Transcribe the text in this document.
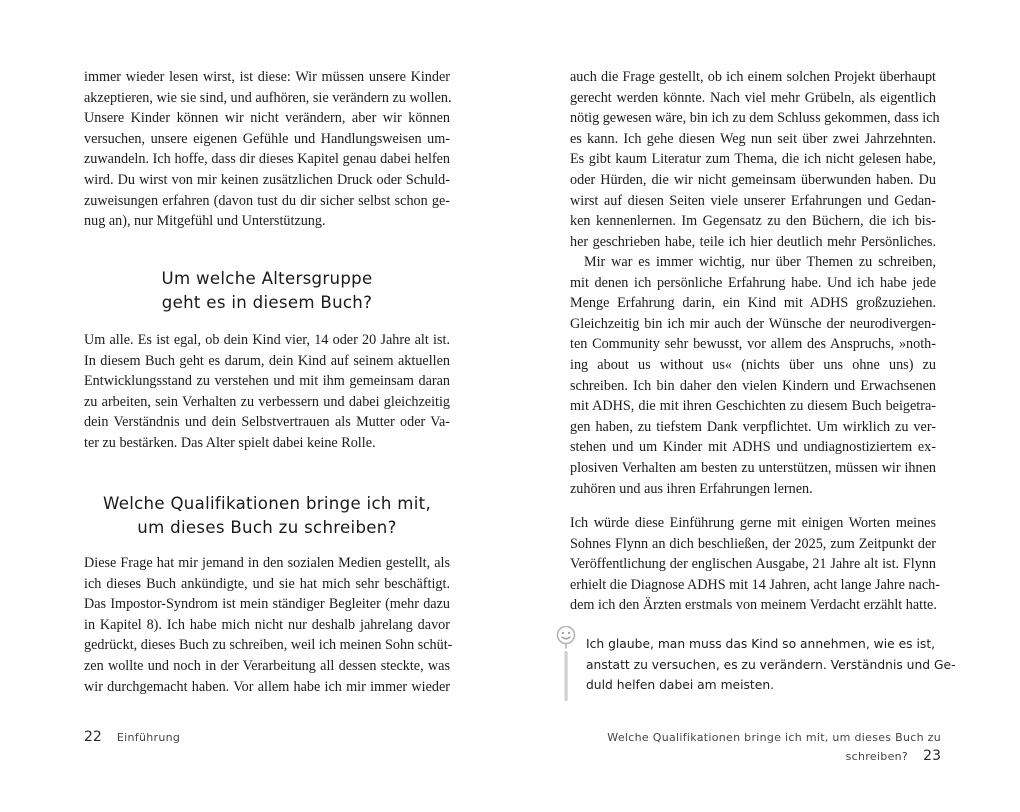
immer wieder lesen wirst, ist diese: Wir müssen unsere Kinder
akzeptieren, wie sie sind, und aufhören, sie verändern zu wollen.
Unsere Kinder können wir nicht verändern, aber wir können
versuchen, unsere eigenen Gefühle und Handlungsweisen um-
zuwandeln. Ich hoffe, dass dir dieses Kapitel genau dabei helfen
wird. Du wirst von mir keinen zusätzlichen Druck oder Schuld-
zuweisungen erfahren (davon tust du dir sicher selbst schon ge-
nug an), nur Mitgefühl und Unterstützung.
Um welche Altersgruppe
geht es in diesem Buch?
Um alle. Es ist egal, ob dein Kind vier, 14 oder 20 Jahre alt ist.
In diesem Buch geht es darum, dein Kind auf seinem aktuellen
Entwicklungsstand zu verstehen und mit ihm gemeinsam daran
zu arbeiten, sein Verhalten zu verbessern und dabei gleichzeitig
dein Verständnis und dein Selbstvertrauen als Mutter oder Va-
ter zu bestärken. Das Alter spielt dabei keine Rolle.
Welche Qualifikationen bringe ich mit,
um dieses Buch zu schreiben?
Diese Frage hat mir jemand in den sozialen Medien gestellt, als
ich dieses Buch ankündigte, und sie hat mich sehr beschäftigt.
Das Impostor-Syndrom ist mein ständiger Begleiter (mehr dazu
in Kapitel 8). Ich habe mich nicht nur deshalb jahrelang davor
gedrückt, dieses Buch zu schreiben, weil ich meinen Sohn schüt-
zen wollte und noch in der Verarbeitung all dessen steckte, was
wir durchgemacht haben. Vor allem habe ich mir immer wieder
22 Einführung
auch die Frage gestellt, ob ich einem solchen Projekt überhaupt
gerecht werden könnte. Nach viel mehr Grübeln, als eigentlich
nötig gewesen wäre, bin ich zu dem Schluss gekommen, dass ich
es kann. Ich gehe diesen Weg nun seit über zwei Jahrzehnten.
Es gibt kaum Literatur zum Thema, die ich nicht gelesen habe,
oder Hürden, die wir nicht gemeinsam überwunden haben. Du
wirst auf diesen Seiten viele unserer Erfahrungen und Gedan-
ken kennenlernen. Im Gegensatz zu den Büchern, die ich bis-
her geschrieben habe, teile ich hier deutlich mehr Persönliches.
Mir war es immer wichtig, nur über Themen zu schreiben,
mit denen ich persönliche Erfahrung habe. Und ich habe jede
Menge Erfahrung darin, ein Kind mit ADHS großzuziehen.
Gleichzeitig bin ich mir auch der Wünsche der neurodivergen-
ten Community sehr bewusst, vor allem des Anspruchs, »noth-
ing about us without us« (nichts über uns ohne uns) zu
schreiben. Ich bin daher den vielen Kindern und Erwachsenen
mit ADHS, die mit ihren Geschichten zu diesem Buch beigetra-
gen haben, zu tiefstem Dank verpflichtet. Um wirklich zu ver-
stehen und um Kinder mit ADHS und undiagnostiziertem ex-
plosiven Verhalten am besten zu unterstützen, müssen wir ihnen
zuhören und aus ihren Erfahrungen lernen.
Ich würde diese Einführung gerne mit einigen Worten meines
Sohnes Flynn an dich beschließen, der 2025, zum Zeitpunkt der
Veröffentlichung der englischen Ausgabe, 21 Jahre alt ist. Flynn
erhielt die Diagnose ADHS mit 14 Jahren, acht lange Jahre nach-
dem ich den Ärzten erstmals von meinem Verdacht erzählt hatte.
Ich glaube, man muss das Kind so annehmen, wie es ist,
anstatt zu versuchen, es zu verändern. Verständnis und Ge-
duld helfen dabei am meisten.
Welche Qualifikationen bringe ich mit, um dieses Buch zu schreiben? 23
